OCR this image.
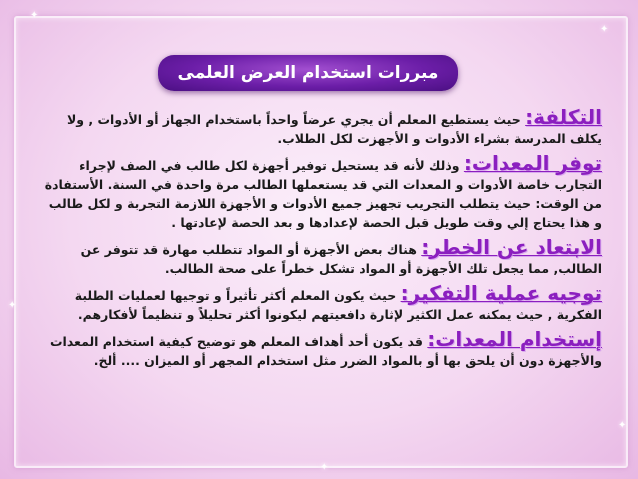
✦
✦
✦
✦
✦
مبررات استخدام العرض العلمى

التكلفة: حيث يستطيع المعلم أن يجري عرضاً واحداً باستخدام الجهاز أو الأدوات , ولا يكلف المدرسة بشراء الأدوات و الأجهزت لكل الطلاب.

توفر المعدات: وذلك لأنه قد يستحيل توفير أجهزة لكل طالب في الصف لإجراء التجارب خاصة الأدوات و المعدات التي قد يستعملها الطالب مرة واحدة في السنة. الأستفادة من الوقت: حيث يتطلب التجريب تجهيز جميع الأدوات و الأجهزة اللازمة التجربة و لكل طالب و هذا يحتاج إلي وقت طويل قبل الحصة لإعدادها و بعد الحصة لإعادتها .

الابتعاد عن الخطر: هناك بعض الأجهزة أو المواد تتطلب مهارة قد تتوفر عن الطالب, مما يجعل تلك الأجهزة أو المواد تشكل خطراً على صحة الطالب.

توجيه عملية التفكير: حيث يكون المعلم أكثر تأثيراً و توجيها لعمليات الطلبة الفكرية , حيث يمكنه عمل الكثير لإثارة دافعيتهم ليكونوا أكثر تحليلاً و تنظيماً لأفكارهم.

إستخدام المعدات: قد يكون أحد أهداف المعلم هو توضيح كيفية استخدام المعدات والأجهزة دون أن يلحق بها أو بالمواد الضرر مثل استخدام المجهر أو الميزان .... ألخ.
